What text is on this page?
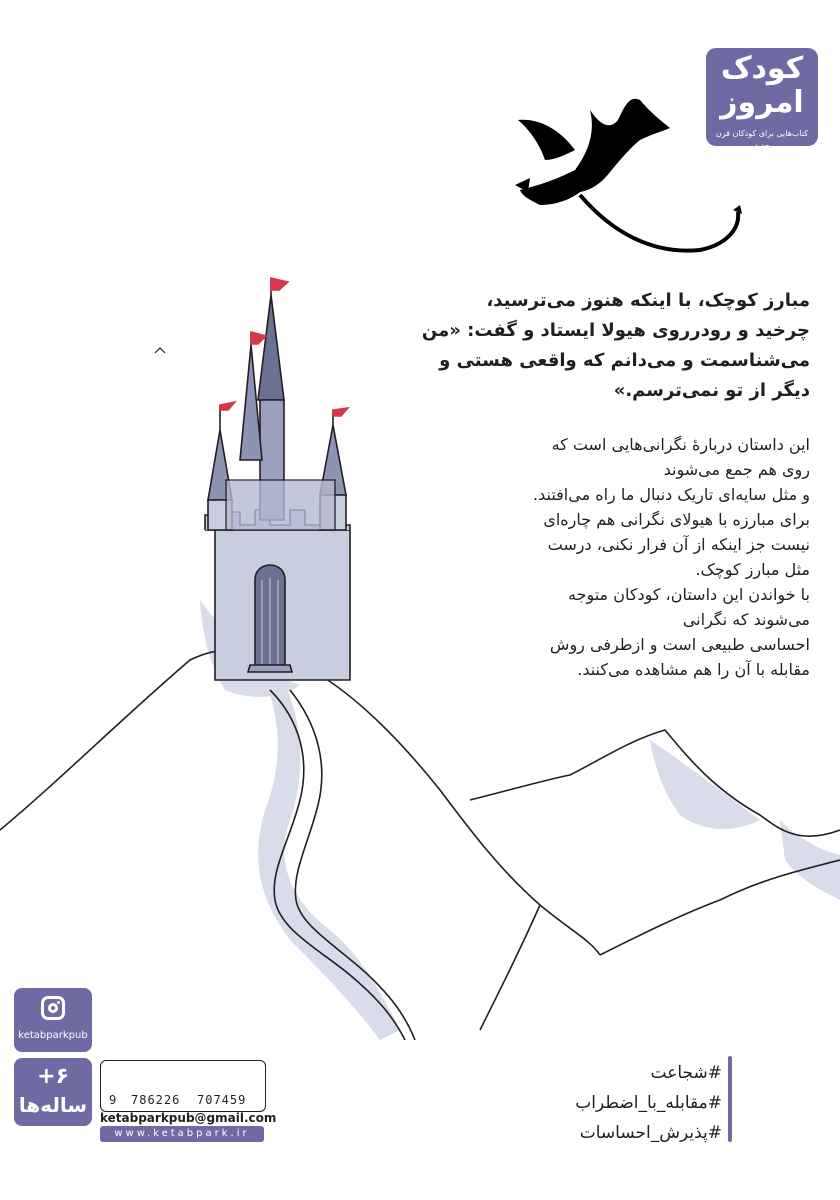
کودک
امروز
کتاب‌هایی برای کودکان قرن جدید
مبارز کوچک، با اینکه هنوز می‌ترسید،
چرخید و رودرروی هیولا ایستاد و گفت: «من
می‌شناسمت و می‌دانم که واقعی هستی و
دیگر از تو نمی‌ترسم.»
این داستان دربارهٔ نگرانی‌هایی است که
روی هم جمع می‌شوند
و مثل سایه‌ای تاریک دنبال ما راه می‌افتند.
برای مبارزه با هیولای نگرانی هم چاره‌ای
نیست جز اینکه از آن فرار نکنی، درست
مثل مبارز کوچک.
با خواندن این داستان، کودکان متوجه
می‌شوند که نگرانی
احساسی طبیعی است و ازطرفی روش
مقابله با آن را هم مشاهده می‌کنند.
ketabparkpub
+۶
ساله‌ها	9 786226 707459
ketabparkpub@gmail.com
www.ketabpark.ir
#شجاعت
#مقابله_با_اضطراب
#پذیرش_احساسات
